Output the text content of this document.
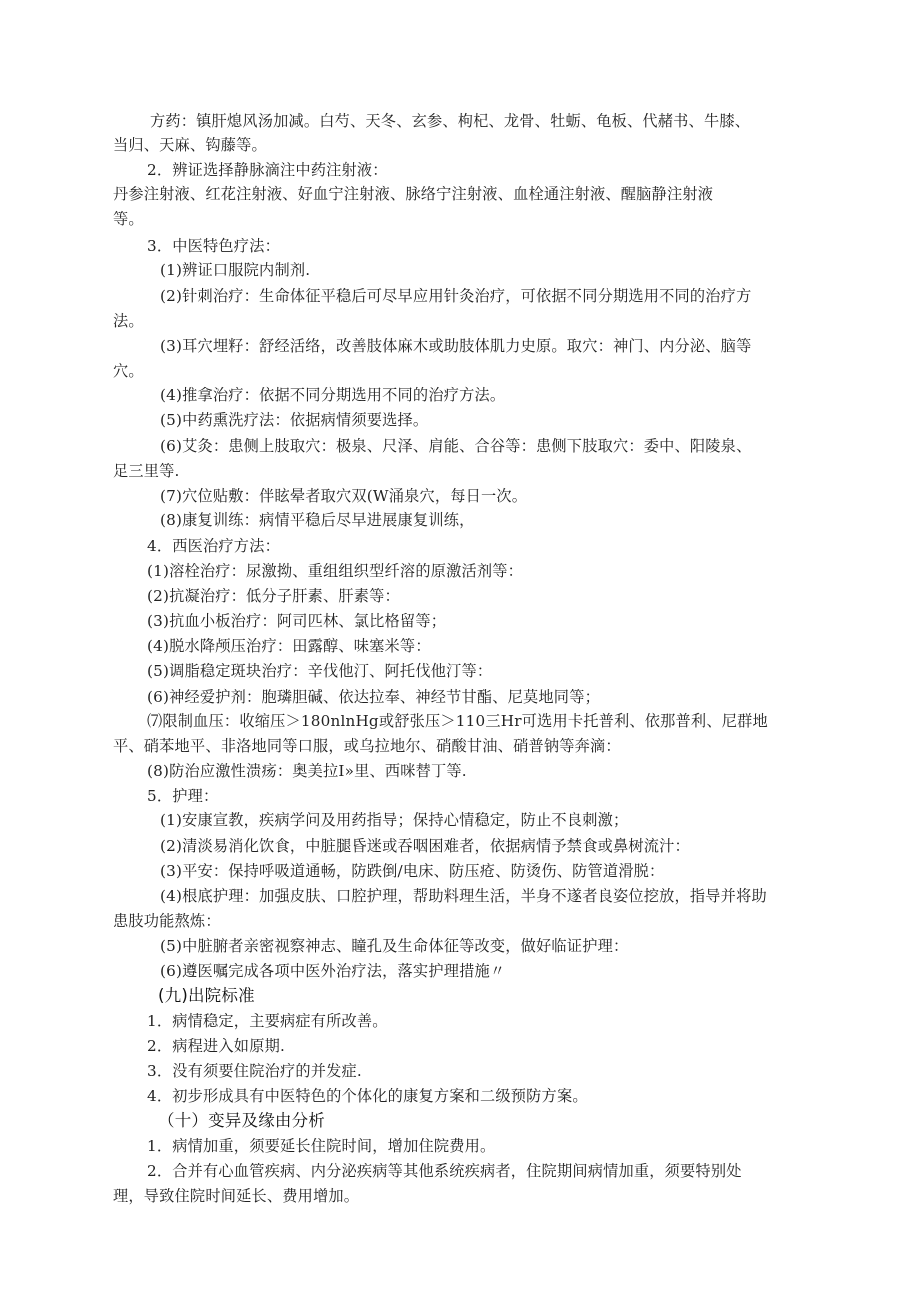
方药：镇肝熄风汤加减。白芍、天冬、玄参、枸杞、龙骨、牡蛎、龟板、代赭书、牛膝、
当归、天麻、钩藤等。
2．辨证选择静脉滴注中药注射液：
丹参注射液、红花注射液、好血宁注射液、脉络宁注射液、血栓通注射液、醒脑静注射液
等。
3．中医特色疗法：
(1)辨证口服院内制剂.
(2)针刺治疗：生命体征平稳后可尽早应用针灸治疗，可依据不同分期选用不同的治疗方
法。
(3)耳穴埋籽：舒经活络，改善肢体麻木或助肢体肌力史原。取穴：神门、内分泌、脑等
穴。
(4)推拿治疗：依据不同分期选用不同的治疗方法。
(5)中药熏洗疗法：依据病情须要选择。
(6)艾灸：患侧上肢取穴：极泉、尺泽、肩能、合谷等：患侧下肢取穴：委中、阳陵泉、
足三里等.
(7)穴位贴敷：伴眩晕者取穴双(W涌泉穴，每日一次。
(8)康复训练：病情平稳后尽早进展康复训练，
4．西医治疗方法：
(1)溶栓治疗：尿激拗、重组组织型纤溶的原激活剂等：
(2)抗凝治疗：低分子肝素、肝素等：
(3)抗血小板治疗：阿司匹林、氯比格留等；
(4)脱水降颅压治疗：田露醇、味塞米等：
(5)调脂稳定斑块治疗：辛伐他汀、阿托伐他汀等：
(6)神经爱护剂：胞璘胆碱、依达拉奉、神经节甘酯、尼莫地同等；
⑺限制血压：收缩压＞180nlnHg或舒张压＞110三Hr可选用卡托普利、依那普利、尼群地
平、硝苯地平、非洛地同等口服，或乌拉地尔、硝酸甘油、硝普钠等奔滴：
(8)防治应激性溃疡：奥美拉I»里、西咪替丁等.
5．护理：
(1)安康宣教，疾病学问及用药指导；保持心情稳定，防止不良刺激；
(2)清淡易消化饮食，中脏腿昏迷或吞咽困难者，依据病情予禁食或鼻树流汁：
(3)平安：保持呼吸道通畅，防跌倒/电床、防压疮、防烫伤、防管道滑脱：
(4)根底护理：加强皮肤、口腔护理，帮助料理生活，半身不遂者良姿位挖放，指导并将助
患肢功能熬炼：
(5)中脏腑者亲密视察神志、瞳孔及生命体征等改变，做好临证护理：
(6)遵医嘱完成各项中医外治疗法，落实护理措施〃
(九)出院标准
1．病情稳定，主要病症有所改善。
2．病程进入如原期.
3．没有须要住院治疗的并发症.
4．初步形成具有中医特色的个体化的康复方案和二级预防方案。
（十）变异及缘由分析
1．病情加重，须要延长住院时间，增加住院费用。
2．合并有心血管疾病、内分泌疾病等其他系统疾病者，住院期间病情加重，须要特别处
理，导致住院时间延长、费用增加。
